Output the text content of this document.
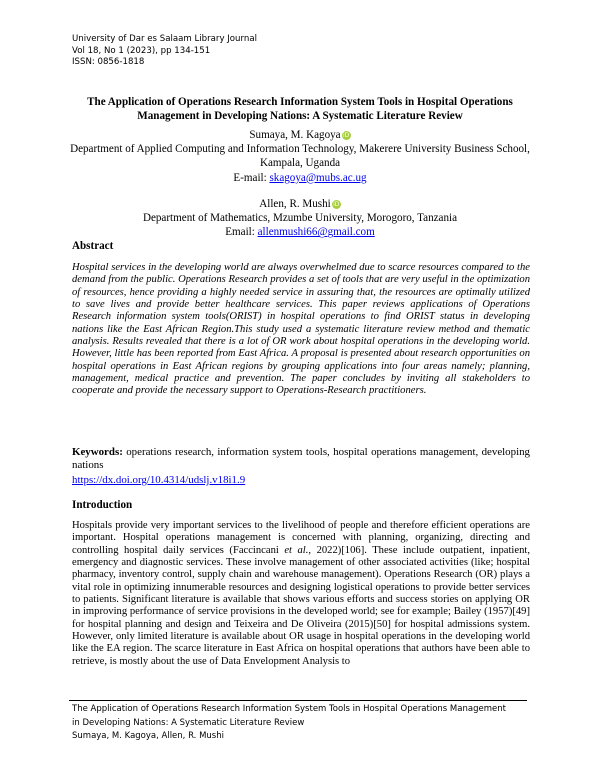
University of Dar es Salaam Library Journal
Vol 18, No 1 (2023), pp 134-151
ISSN: 0856-1818
The Application of Operations Research Information System Tools in Hospital Operations Management in Developing Nations: A Systematic Literature Review
Sumaya, M. Kagoya iD
Department of Applied Computing and Information Technology, Makerere University Business School, Kampala, Uganda
E-mail: skagoya@mubs.ac.ug
Allen, R. Mushi iD
Department of Mathematics, Mzumbe University, Morogoro, Tanzania
Email: allenmushi66@gmail.com
Abstract
Hospital services in the developing world are always overwhelmed due to scarce resources compared to the demand from the public. Operations Research provides a set of tools that are very useful in the optimization of resources, hence providing a highly needed service in assuring that, the resources are optimally utilized to save lives and provide better healthcare services. This paper reviews applications of Operations Research information system tools(ORIST) in hospital operations to find ORIST status in developing nations like the East African Region.This study used a systematic literature review method and thematic analysis. Results revealed that there is a lot of OR work about hospital operations in the developing world. However, little has been reported from East Africa. A proposal is presented about research opportunities on hospital operations in East African regions by grouping applications into four areas namely; planning, management, medical practice and prevention. The paper concludes by inviting all stakeholders to cooperate and provide the necessary support to Operations-Research practitioners.
Keywords: operations research, information system tools, hospital operations management, developing nations
https://dx.doi.org/10.4314/udslj.v18i1.9
Introduction
Hospitals provide very important services to the livelihood of people and therefore efficient operations are important. Hospital operations management is concerned with planning, organizing, directing and controlling hospital daily services (Faccincani et al., 2022)[106]. These include outpatient, inpatient, emergency and diagnostic services. These involve management of other associated activities (like; hospital pharmacy, inventory control, supply chain and warehouse management). Operations Research (OR) plays a vital role in optimizing innumerable resources and designing logistical operations to provide better services to patients. Significant literature is available that shows various efforts and success stories on applying OR in improving performance of service provisions in the developed world; see for example; Bailey (1957)[49] for hospital planning and design and Teixeira and De Oliveira (2015)[50] for hospital admissions system. However, only limited literature is available about OR usage in hospital operations in the developing world like the EA region. The scarce literature in East Africa on hospital operations that authors have been able to retrieve, is mostly about the use of Data Envelopment Analysis to
The Application of Operations Research Information System Tools in Hospital Operations Management
in Developing Nations: A Systematic Literature Review
Sumaya, M. Kagoya, Allen, R. Mushi
